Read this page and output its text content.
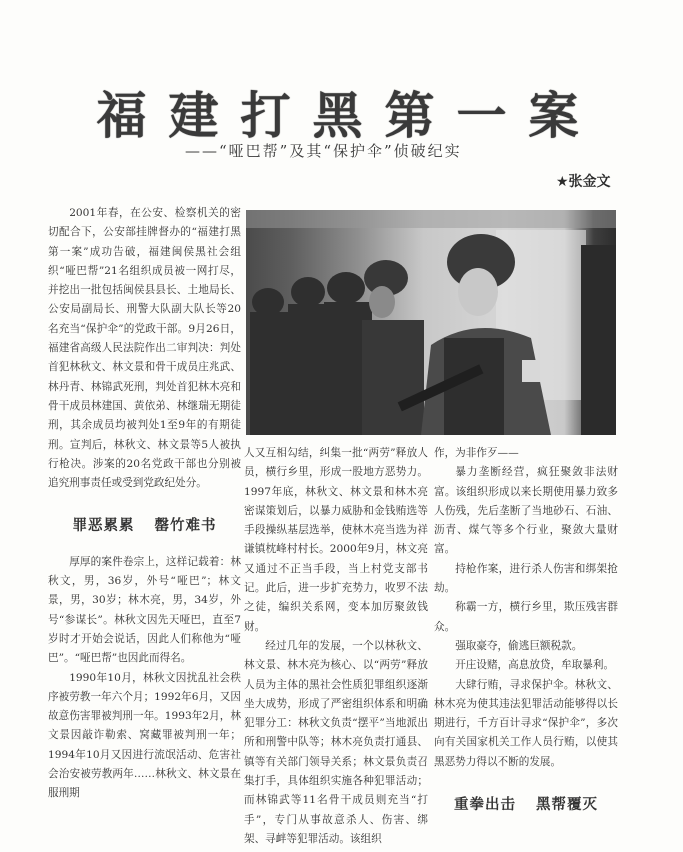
福建打黑第一案
——“哑巴帮”及其“保护伞”侦破纪实
★张金文

2001年春，在公安、检察机关的密切配合下，公安部挂牌督办的“福建打黑第一案”成功告破，福建闽侯黑社会组织“哑巴帮”21名组织成员被一网打尽，并挖出一批包括闽侯县县长、土地局长、公安局副局长、刑警大队副大队长等20名充当“保护伞”的党政干部。9月26日，福建省高级人民法院作出二审判决：判处首犯林秋文、林文景和骨干成员庄兆武、林丹青、林锦武死刑，判处首犯林木亮和骨干成员林建国、黄依弟、林继瑞无期徒刑，其余成员均被判处1至9年的有期徒刑。宣判后，林秋文、林文景等5人被执行枪决。涉案的20名党政干部也分别被追究刑事责任或受到党政纪处分。

罪恶累累 罄竹难书

厚厚的案件卷宗上，这样记载着：林秋文，男，36岁，外号“哑巴”；林文景，男，30岁；林木亮，男，34岁，外号“参谋长”。林秋文因先天哑巴，直至7岁时才开始会说话，因此人们称他为“哑巴”。“哑巴帮”也因此而得名。

1990年10月，林秋文因扰乱社会秩序被劳教一年六个月；1992年6月，又因故意伤害罪被判刑一年。1993年2月，林文景因敲诈勒索、窝藏罪被判刑一年；1994年10月又因进行流氓活动、危害社会治安被劳教两年……林秋文、林文景在服刑期

人又互相勾结，纠集一批“两劳”释放人员，横行乡里，形成一股地方恶势力。1997年底，林秋文、林文景和林木亮密谋策划后，以暴力威胁和金钱贿选等手段操纵基层选举，使林木亮当选为祥谦镇枕峰村村长。2000年9月，林文亮又通过不正当手段，当上村党支部书记。此后，进一步扩充势力，收罗不法之徒，编织关系网，变本加厉聚敛钱财。

经过几年的发展，一个以林秋文、林文景、林木亮为核心、以“两劳”释放人员为主体的黑社会性质犯罪组织逐渐坐大成势，形成了严密组织体系和明确犯罪分工：林秋文负责“摆平”当地派出所和刑警中队等；林木亮负责打通县、镇等有关部门领导关系；林文景负责召集打手，具体组织实施各种犯罪活动；而林锦武等11名骨干成员则充当“打手”，专门从事故意杀人、伤害、绑架、寻衅等犯罪活动。该组织

作，为非作歹——

暴力垄断经营，疯狂聚敛非法财富。该组织形成以来长期使用暴力致多人伤残，先后垄断了当地砂石、石油、沥青、煤气等多个行业，聚敛大量财富。

持枪作案，进行杀人伤害和绑架抢劫。

称霸一方，横行乡里，欺压残害群众。

强取豪夺，偷逃巨额税款。

开庄设赌，高息放贷，牟取暴利。

大肆行贿，寻求保护伞。林秋文、林木亮为使其违法犯罪活动能够得以长期进行，千方百计寻求“保护伞”，多次向有关国家机关工作人员行贿，以使其黑恶势力得以不断的发展。

重拳出击 黑帮覆灭
